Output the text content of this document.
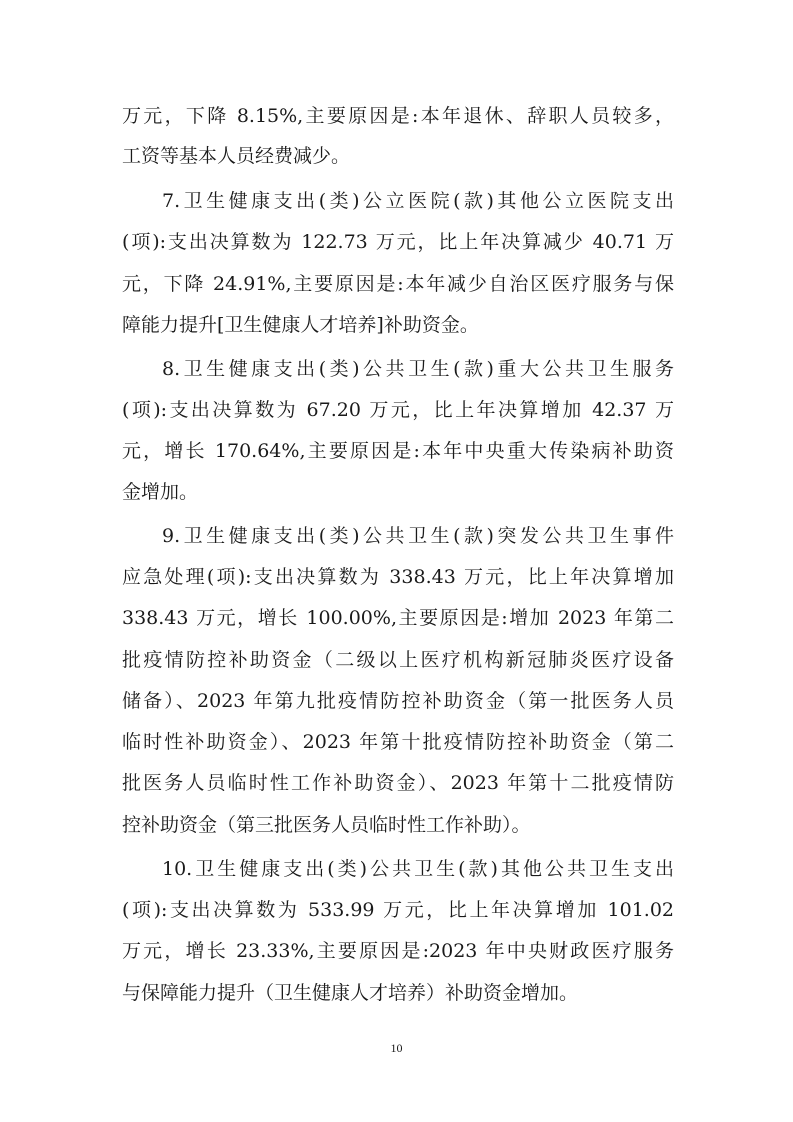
万元，下降 8.15%,主要原因是:本年退休、辞职人员较多，
工资等基本人员经费减少。
7.卫生健康支出(类)公立医院(款)其他公立医院支出
(项):支出决算数为 122.73 万元，比上年决算减少 40.71 万
元，下降 24.91%,主要原因是:本年减少自治区医疗服务与保
障能力提升[卫生健康人才培养]补助资金。
8.卫生健康支出(类)公共卫生(款)重大公共卫生服务
(项):支出决算数为 67.20 万元，比上年决算增加 42.37 万
元，增长 170.64%,主要原因是:本年中央重大传染病补助资
金增加。
9.卫生健康支出(类)公共卫生(款)突发公共卫生事件
应急处理(项):支出决算数为 338.43 万元，比上年决算增加
338.43 万元，增长 100.00%,主要原因是:增加 2023 年第二
批疫情防控补助资金（二级以上医疗机构新冠肺炎医疗设备
储备）、2023 年第九批疫情防控补助资金（第一批医务人员
临时性补助资金）、2023 年第十批疫情防控补助资金（第二
批医务人员临时性工作补助资金）、2023 年第十二批疫情防
控补助资金（第三批医务人员临时性工作补助）。
10.卫生健康支出(类)公共卫生(款)其他公共卫生支出
(项):支出决算数为 533.99 万元，比上年决算增加 101.02
万元，增长 23.33%,主要原因是:2023 年中央财政医疗服务
与保障能力提升（卫生健康人才培养）补助资金增加。
10
